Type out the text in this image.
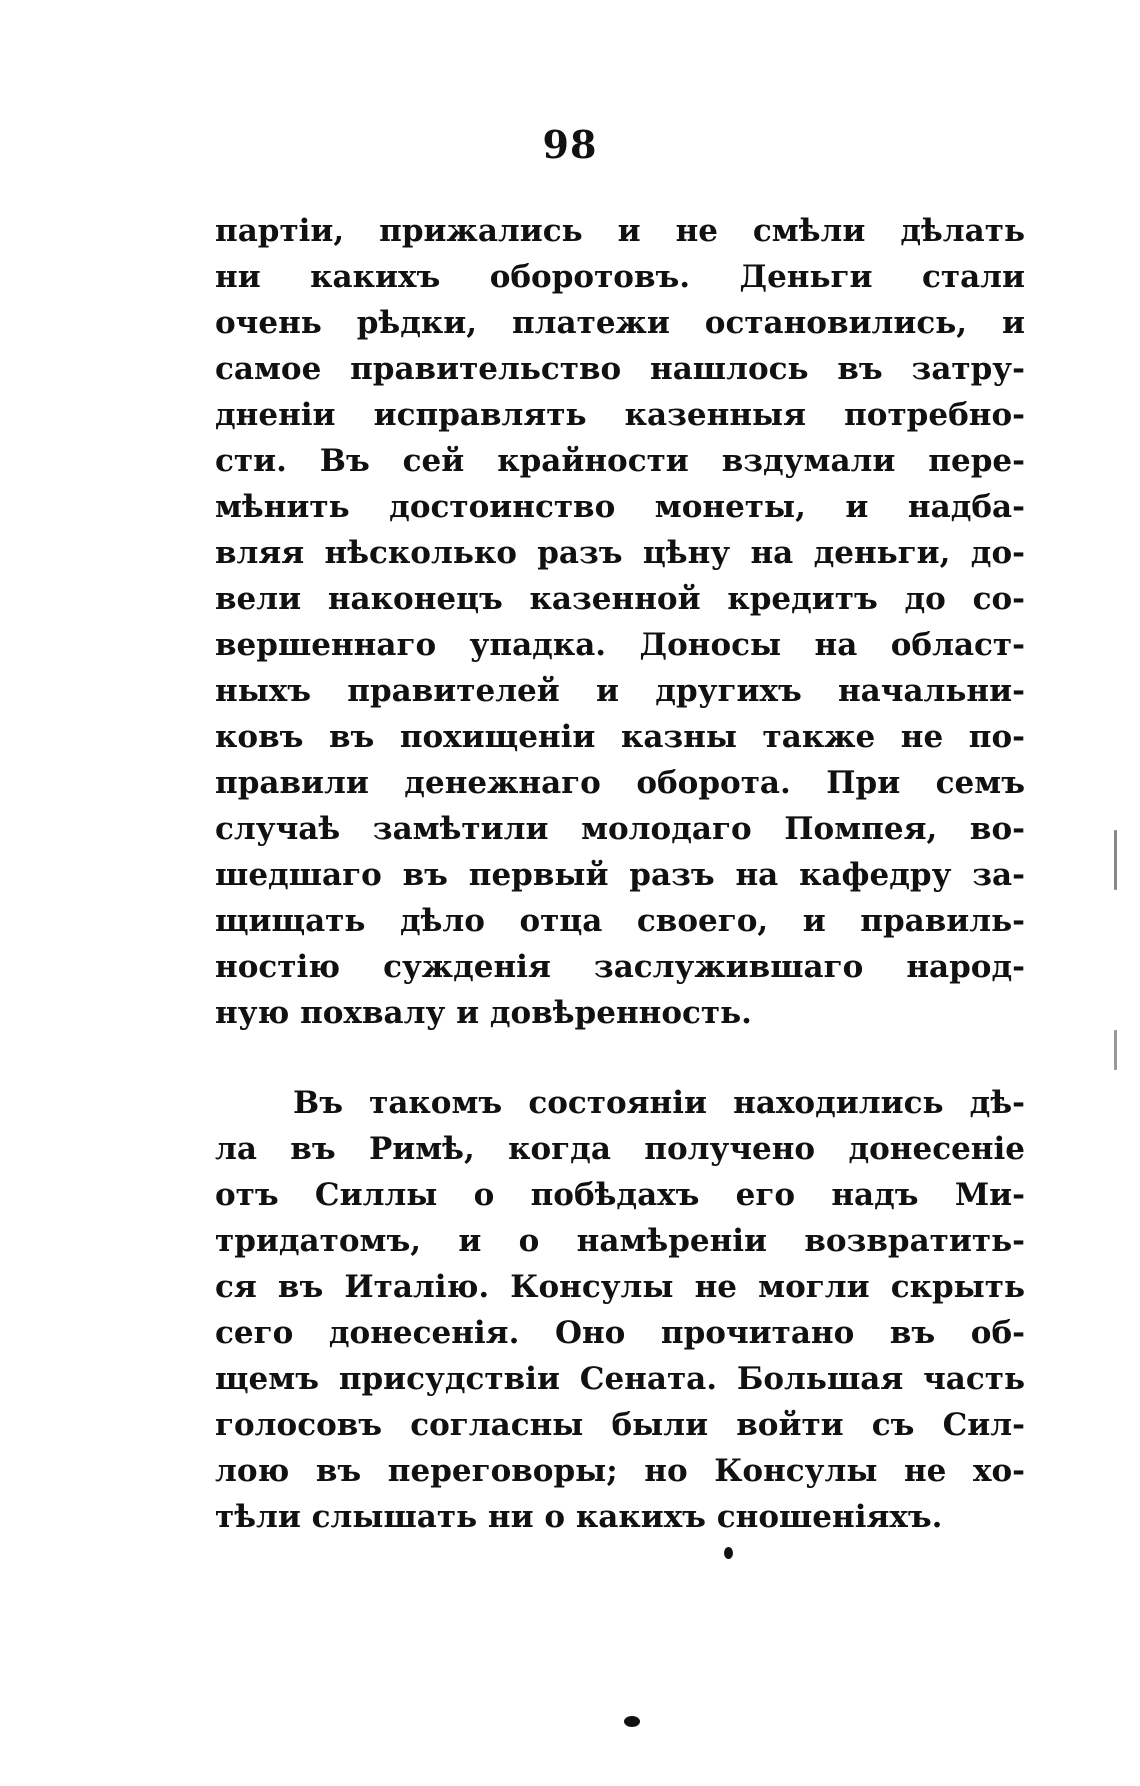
98
партіи, прижались и не смѣли дѣлать
ни какихъ оборотовъ. Деньги стали
очень рѣдки, платежи остановились, и
самое правительство нашлось въ затру-
дненіи исправлять казенныя потребно-
сти. Въ сей крайности вздумали пере-
мѣнить достоинство монеты, и надба-
вляя нѣсколько разъ цѣну на деньги, до-
вели наконецъ казенной кредитъ до со-
вершеннаго упадка. Доносы на област-
ныхъ правителей и другихъ начальни-
ковъ въ похищеніи казны также не по-
правили денежнаго оборота. При семъ
случаѣ замѣтили молодаго Помпея, во-
шедшаго въ первый разъ на кафедру за-
щищать дѣло отца своего, и правиль-
ностію сужденія заслужившаго народ-
ную похвалу и довѣренность.
Въ такомъ состояніи находились дѣ-
ла въ Римѣ, когда получено донесеніе
отъ Силлы о побѣдахъ его надъ Ми-
тридатомъ, и о намѣреніи возвратить-
ся въ Италію. Консулы не могли скрыть
сего донесенія. Оно прочитано въ об-
щемъ присудствіи Сената. Большая часть
голосовъ согласны были войти съ Сил-
лою въ переговоры; но Консулы не хо-
тѣли слышать ни о какихъ сношеніяхъ.
